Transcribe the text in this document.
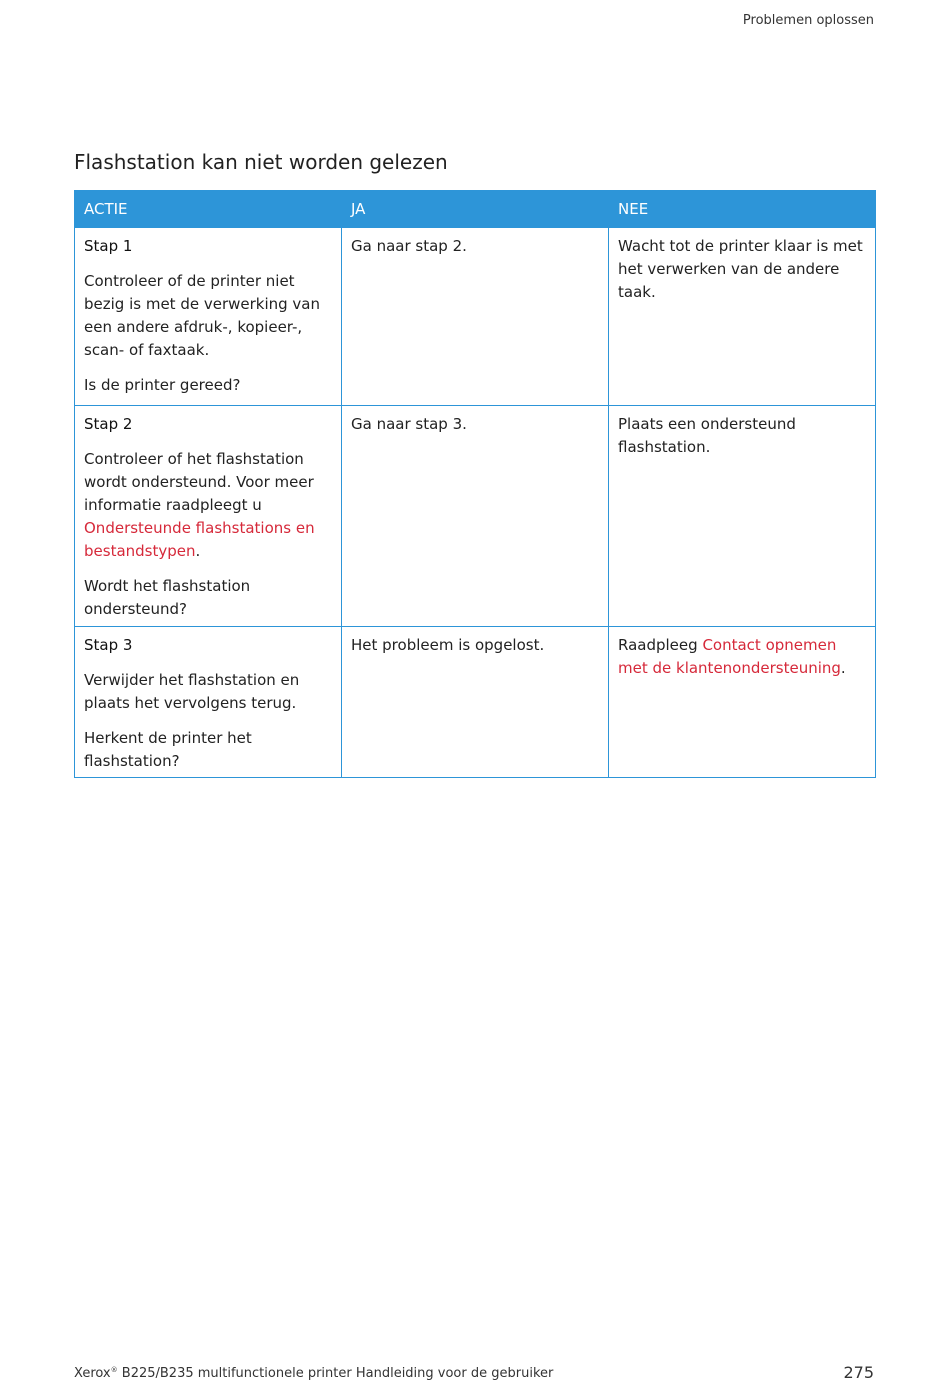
Problemen oplossen
Flashstation kan niet worden gelezen
ACTIE	JA	NEE

Stap 1

Controleer of de printer niet bezig is met de verwerking van een andere afdruk-, kopieer-, scan- of faxtaak.

Is de printer gereed?	Ga naar stap 2.	Wacht tot de printer klaar is met het verwerken van de andere taak.

Stap 2

Controleer of het flashstation wordt ondersteund. Voor meer informatie raadpleegt u Ondersteunde flashstations en bestandstypen.

Wordt het flashstation ondersteund?	Ga naar stap 3.	Plaats een ondersteund flashstation.

Stap 3

Verwijder het flashstation en plaats het vervolgens terug.

Herkent de printer het flashstation?	Het probleem is opgelost.	Raadpleeg Contact opnemen met de klantenondersteuning.

Xerox® B225/B235 multifunctionele printer Handleiding voor de gebruiker	275
